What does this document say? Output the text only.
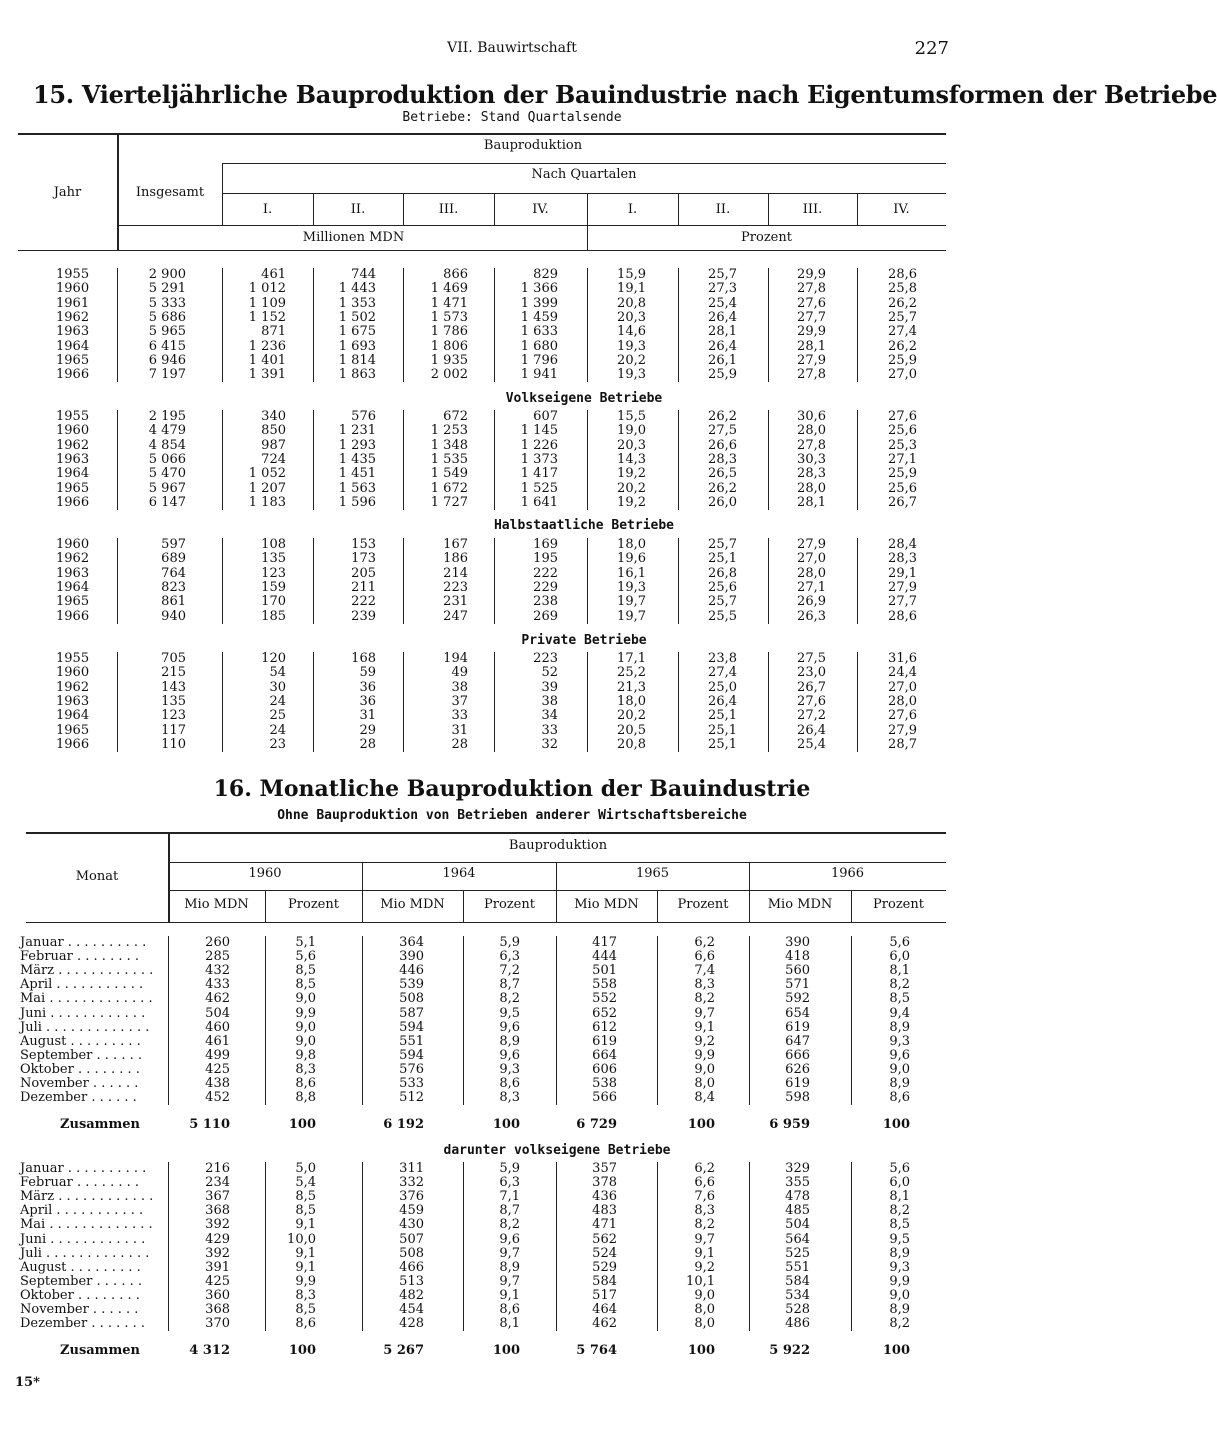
VII. Bauwirtschaft	227
15. Vierteljährliche Bauproduktion der Bauindustrie nach Eigentumsformen der Betriebe
Betriebe: Stand Quartalsende
Jahr
Bauproduktion
Insgesamt
Nach Quartalen
I.	II.	III.	IV.	I.	II.	III.	IV.
Millionen MDN	Prozent
1955	2 900	461	744	866	829	15,9	25,7	29,9	28,6
1960	5 291	1 012	1 443	1 469	1 366	19,1	27,3	27,8	25,8
1961	5 333	1 109	1 353	1 471	1 399	20,8	25,4	27,6	26,2
1962	5 686	1 152	1 502	1 573	1 459	20,3	26,4	27,7	25,7
1963	5 965	871	1 675	1 786	1 633	14,6	28,1	29,9	27,4
1964	6 415	1 236	1 693	1 806	1 680	19,3	26,4	28,1	26,2
1965	6 946	1 401	1 814	1 935	1 796	20,2	26,1	27,9	25,9
1966	7 197	1 391	1 863	2 002	1 941	19,3	25,9	27,8	27,0
Volkseigene Betriebe
1955	2 195	340	576	672	607	15,5	26,2	30,6	27,6
1960	4 479	850	1 231	1 253	1 145	19,0	27,5	28,0	25,6
1962	4 854	987	1 293	1 348	1 226	20,3	26,6	27,8	25,3
1963	5 066	724	1 435	1 535	1 373	14,3	28,3	30,3	27,1
1964	5 470	1 052	1 451	1 549	1 417	19,2	26,5	28,3	25,9
1965	5 967	1 207	1 563	1 672	1 525	20,2	26,2	28,0	25,6
1966	6 147	1 183	1 596	1 727	1 641	19,2	26,0	28,1	26,7
Halbstaatliche Betriebe
1960	597	108	153	167	169	18,0	25,7	27,9	28,4
1962	689	135	173	186	195	19,6	25,1	27,0	28,3
1963	764	123	205	214	222	16,1	26,8	28,0	29,1
1964	823	159	211	223	229	19,3	25,6	27,1	27,9
1965	861	170	222	231	238	19,7	25,7	26,9	27,7
1966	940	185	239	247	269	19,7	25,5	26,3	28,6
Private Betriebe
1955	705	120	168	194	223	17,1	23,8	27,5	31,6
1960	215	54	59	49	52	25,2	27,4	23,0	24,4
1962	143	30	36	38	39	21,3	25,0	26,7	27,0
1963	135	24	36	37	38	18,0	26,4	27,6	28,0
1964	123	25	31	33	34	20,2	25,1	27,2	27,6
1965	117	24	29	31	33	20,5	25,1	26,4	27,9
1966	110	23	28	28	32	20,8	25,1	25,4	28,7
16. Monatliche Bauproduktion der Bauindustrie
Ohne Bauproduktion von Betrieben anderer Wirtschaftsbereiche
Monat
Bauproduktion
1960	1964	1965	1966
Mio MDN	Prozent	Mio MDN	Prozent	Mio MDN	Prozent	Mio MDN	Prozent
Januar . . . . . . . . . .	260	5,1	364	5,9	417	6,2	390	5,6
Februar . . . . . . . .	285	5,6	390	6,3	444	6,6	418	6,0
März . . . . . . . . . . . .	432	8,5	446	7,2	501	7,4	560	8,1
April . . . . . . . . . . .	433	8,5	539	8,7	558	8,3	571	8,2
Mai . . . . . . . . . . . . .	462	9,0	508	8,2	552	8,2	592	8,5
Juni . . . . . . . . . . . .	504	9,9	587	9,5	652	9,7	654	9,4
Juli . . . . . . . . . . . . .	460	9,0	594	9,6	612	9,1	619	8,9
August . . . . . . . . .	461	9,0	551	8,9	619	9,2	647	9,3
September . . . . . .	499	9,8	594	9,6	664	9,9	666	9,6
Oktober . . . . . . . .	425	8,3	576	9,3	606	9,0	626	9,0
November . . . . . .	438	8,6	533	8,6	538	8,0	619	8,9
Dezember . . . . . .	452	8,8	512	8,3	566	8,4	598	8,6
Zusammen	5 110	100	6 192	100	6 729	100	6 959	100
darunter volkseigene Betriebe
Januar . . . . . . . . . .	216	5,0	311	5,9	357	6,2	329	5,6
Februar . . . . . . . .	234	5,4	332	6,3	378	6,6	355	6,0
März . . . . . . . . . . . .	367	8,5	376	7,1	436	7,6	478	8,1
April . . . . . . . . . . .	368	8,5	459	8,7	483	8,3	485	8,2
Mai . . . . . . . . . . . . .	392	9,1	430	8,2	471	8,2	504	8,5
Juni . . . . . . . . . . . .	429	10,0	507	9,6	562	9,7	564	9,5
Juli . . . . . . . . . . . . .	392	9,1	508	9,7	524	9,1	525	8,9
August . . . . . . . . .	391	9,1	466	8,9	529	9,2	551	9,3
September . . . . . .	425	9,9	513	9,7	584	10,1	584	9,9
Oktober . . . . . . . .	360	8,3	482	9,1	517	9,0	534	9,0
November . . . . . .	368	8,5	454	8,6	464	8,0	528	8,9
Dezember . . . . . . .	370	8,6	428	8,1	462	8,0	486	8,2
Zusammen	4 312	100	5 267	100	5 764	100	5 922	100
15*
